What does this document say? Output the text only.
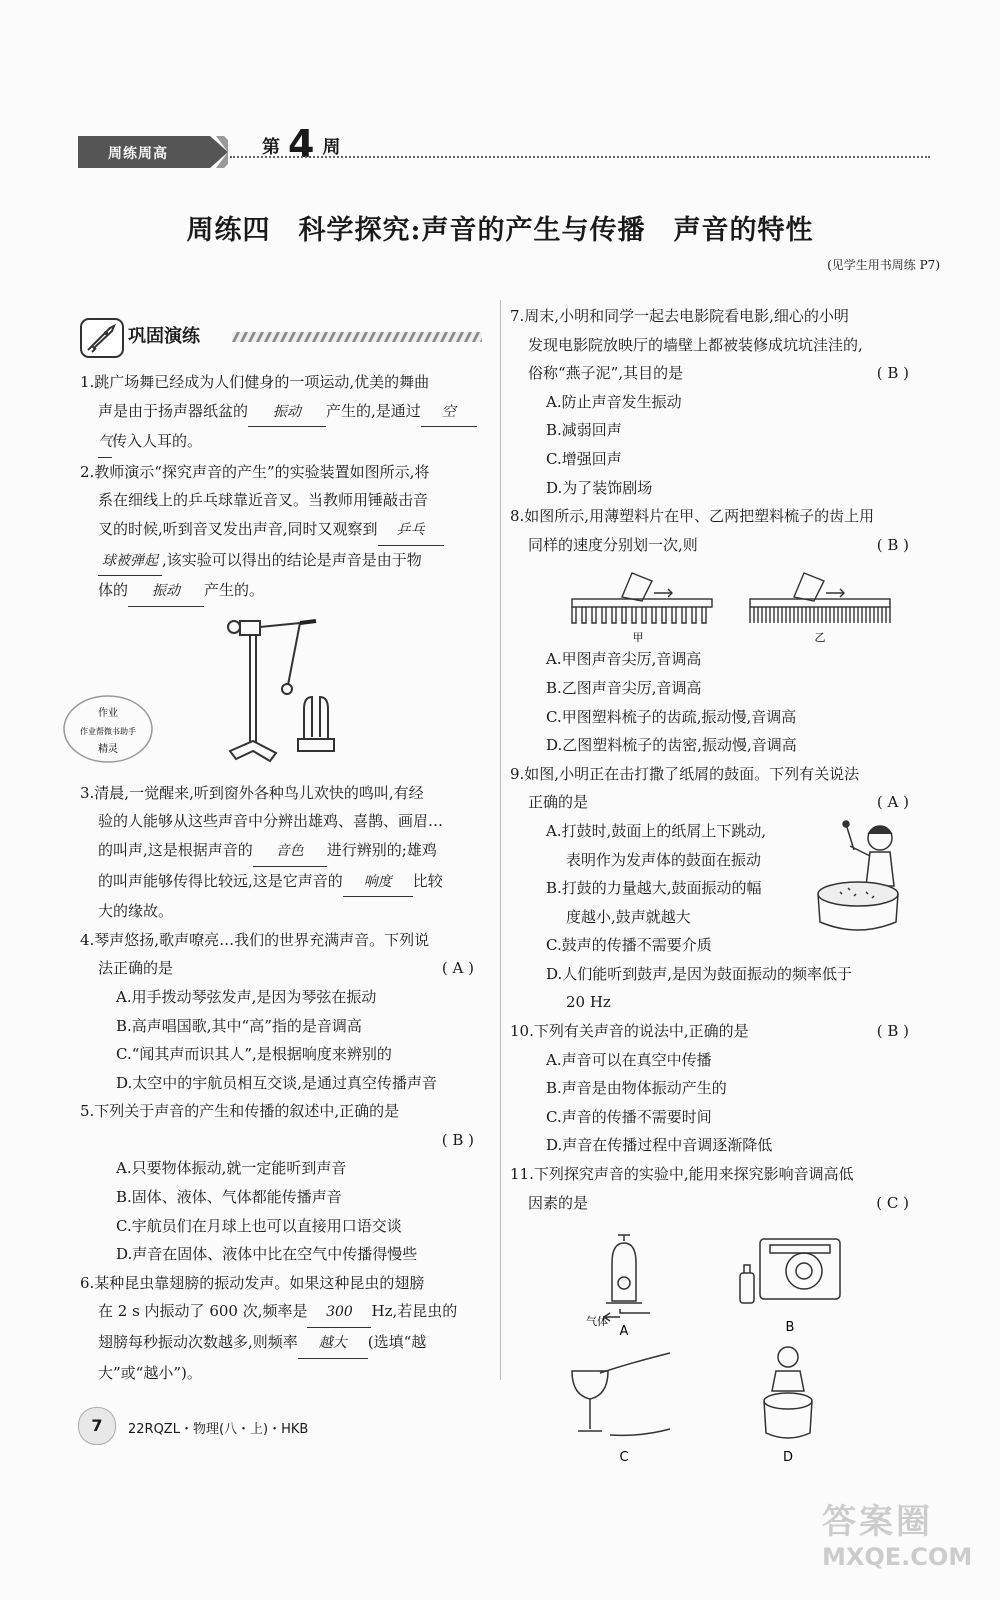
周练周高	第 4 周
周练四　科学探究:声音的产生与传播　声音的特性
(见学生用书周练 P7)
巩固演练

1.跳广场舞已经成为人们健身的一项运动,优美的舞曲

声是由于扬声器纸盆的 振动 产生的,是通过 空

气传入人耳的。

2.教师演示“探究声音的产生”的实验装置如图所示,将

系在细线上的乒乓球靠近音叉。当教师用锤敲击音

叉的时候,听到音叉发出声音,同时又观察到 乒乓

球被弹起 ,该实验可以得出的结论是声音是由于物

体的 振动 产生的。

3.清晨,一觉醒来,听到窗外各种鸟儿欢快的鸣叫,有经

验的人能够从这些声音中分辨出雄鸡、喜鹊、画眉…

的叫声,这是根据声音的 音色 进行辨别的;雄鸡

的叫声能够传得比较远,这是它声音的 响度 比较

大的缘故。

4.琴声悠扬,歌声嘹亮…我们的世界充满声音。下列说

法正确的是	( A )

A.用手拨动琴弦发声,是因为琴弦在振动

B.高声唱国歌,其中“高”指的是音调高

C.“闻其声而识其人”,是根据响度来辨别的

D.太空中的宇航员相互交谈,是通过真空传播声音

5.下列关于声音的产生和传播的叙述中,正确的是

( B )

A.只要物体振动,就一定能听到声音

B.固体、液体、气体都能传播声音

C.宇航员们在月球上也可以直接用口语交谈

D.声音在固体、液体中比在空气中传播得慢些

6.某种昆虫靠翅膀的振动发声。如果这种昆虫的翅膀

在 2 s 内振动了 600 次,频率是 300 Hz,若昆虫的

翅膀每秒振动次数越多,则频率 越大 (选填“越

大”或“越小”)。

作业
作业帮微书助手
精灵

7.周末,小明和同学一起去电影院看电影,细心的小明

发现电影院放映厅的墙壁上都被装修成坑坑洼洼的,

俗称“燕子泥”,其目的是	( B )

A.防止声音发生振动B.减弱回声

C.增强回声D.为了装饰剧场

8.如图所示,用薄塑料片在甲、乙两把塑料梳子的齿上用

同样的速度分别划一次,则	( B )

甲	乙

A.甲图声音尖厉,音调高

B.乙图声音尖厉,音调高

C.甲图塑料梳子的齿疏,振动慢,音调高

D.乙图塑料梳子的齿密,振动慢,音调高

9.如图,小明正在击打撒了纸屑的鼓面。下列有关说法

正确的是	( A )

A.打鼓时,鼓面上的纸屑上下跳动,

表明作为发声体的鼓面在振动

B.打鼓的力量越大,鼓面振动的幅

度越小,鼓声就越大

C.鼓声的传播不需要介质

D.人们能听到鼓声,是因为鼓面振动的频率低于

20 Hz

10.下列有关声音的说法中,正确的是	( B )

A.声音可以在真空中传播

B.声音是由物体振动产生的

C.声音的传播不需要时间

D.声音在传播过程中音调逐渐降低

11.下列探究声音的实验中,能用来探究影响音调高低

因素的是	( C )

气体
A	B
C	D
7	22RQZL・物理(八・上)・HKB
答案圈
MXQE.COM
